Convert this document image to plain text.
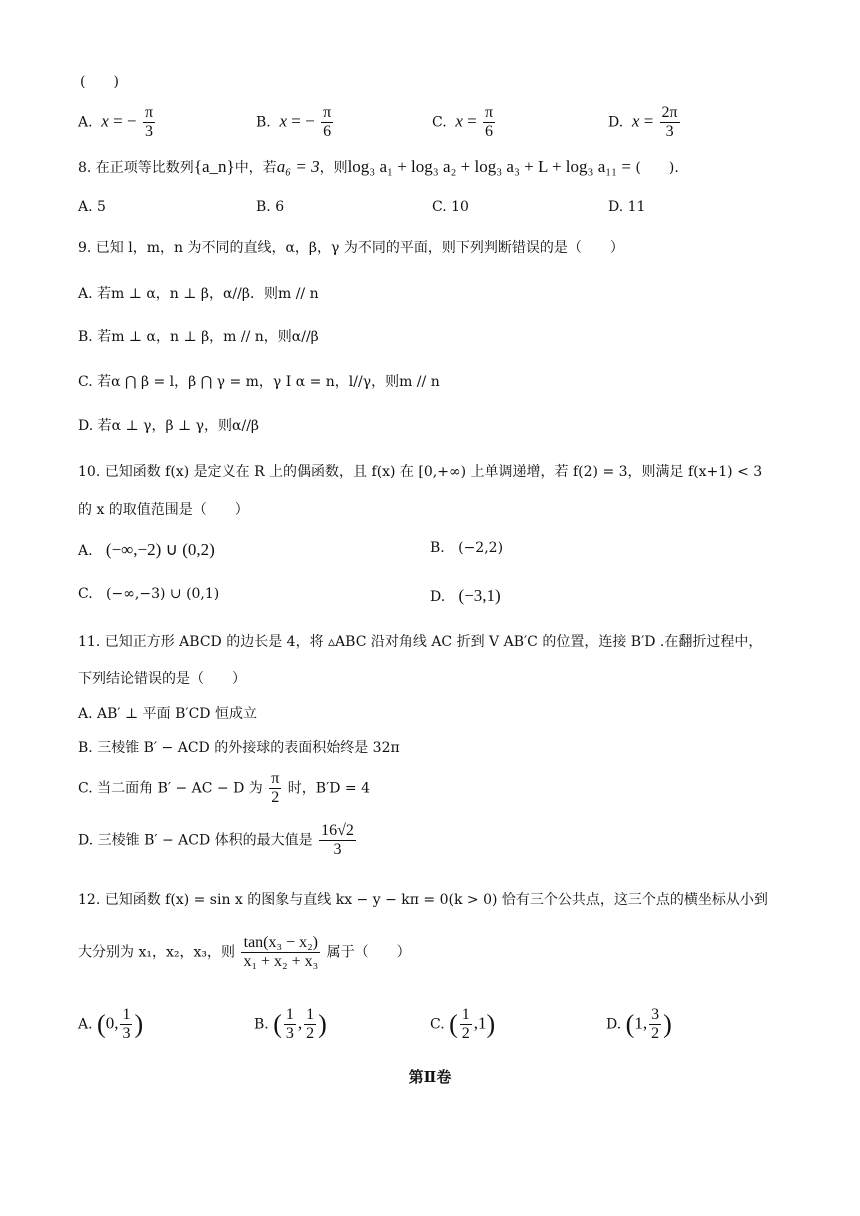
(　　)
A.  x = − $\frac{\pi}{3}$	B.  x = − $\frac{\pi}{6}$	C.  $x = \frac{\pi}{6}$	D.  $x = \frac{2\pi}{3}$
8. 在正项等比数列{a_n}中，若a₆ = 3，则log₃ a₁ + log₃ a₂ + log₃ a₃ + L + log₃ a₁₁ = (　　).
A. 5	B. 6	C. 10	D. 11
9. 已知 l，m，n 为不同的直线，α，β，γ 为不同的平面，则下列判断错误的是（　　）
A. 若m ⊥ α，n ⊥ β，α//β．则m // n
B. 若m ⊥ α，n ⊥ β，m // n，则α//β
C. 若α ⋂ β = l，β ⋂ γ = m，γ I α = n，l//γ，则m // n
D. 若α ⊥ γ，β ⊥ γ，则α//β
10. 已知函数 f(x) 是定义在 R 上的偶函数，且 f(x) 在 [0,+∞) 上单调递增，若 f(2) = 3，则满足 f(x+1) < 3
的 x 的取值范围是（　　）
A. (−∞,−2) ∪ (0,2)	B. (−2,2)
C. (−∞,−3) ∪ (0,1)	D. (−3,1)
11. 已知正方形 ABCD 的边长是 4，将 ▵ABC 沿对角线 AC 折到 V AB′C 的位置，连接 B′D .在翻折过程中，
下列结论错误的是（　　）
A. AB′ ⊥ 平面 B′CD 恒成立
B. 三棱锥 B′ − ACD 的外接球的表面积始终是 32π
C. 当二面角 B′ − AC − D 为 $\frac{\pi}{2}$ 时，B′D = 4
D. 三棱锥 B′ − ACD 体积的最大值是 $\frac{16√2}{3}$
12. 已知函数 f(x) = sin x 的图象与直线 kx − y − kπ = 0(k > 0) 恰有三个公共点，这三个点的横坐标从小到
大分别为 x₁，x₂，x₃，则 $\frac{\text{tan(x₃ − x₂)}}{\text{x₁ + x₂ + x₃}}$ 属于（　　）
A. (0, $\frac{1}{3}$ )	B. ( $\frac{1}{3}$ , $\frac{1}{2}$ )	C. ( $\frac{1}{2} ,1$)	D. (1, $\frac{3}{2}$ )
第Ⅱ卷
